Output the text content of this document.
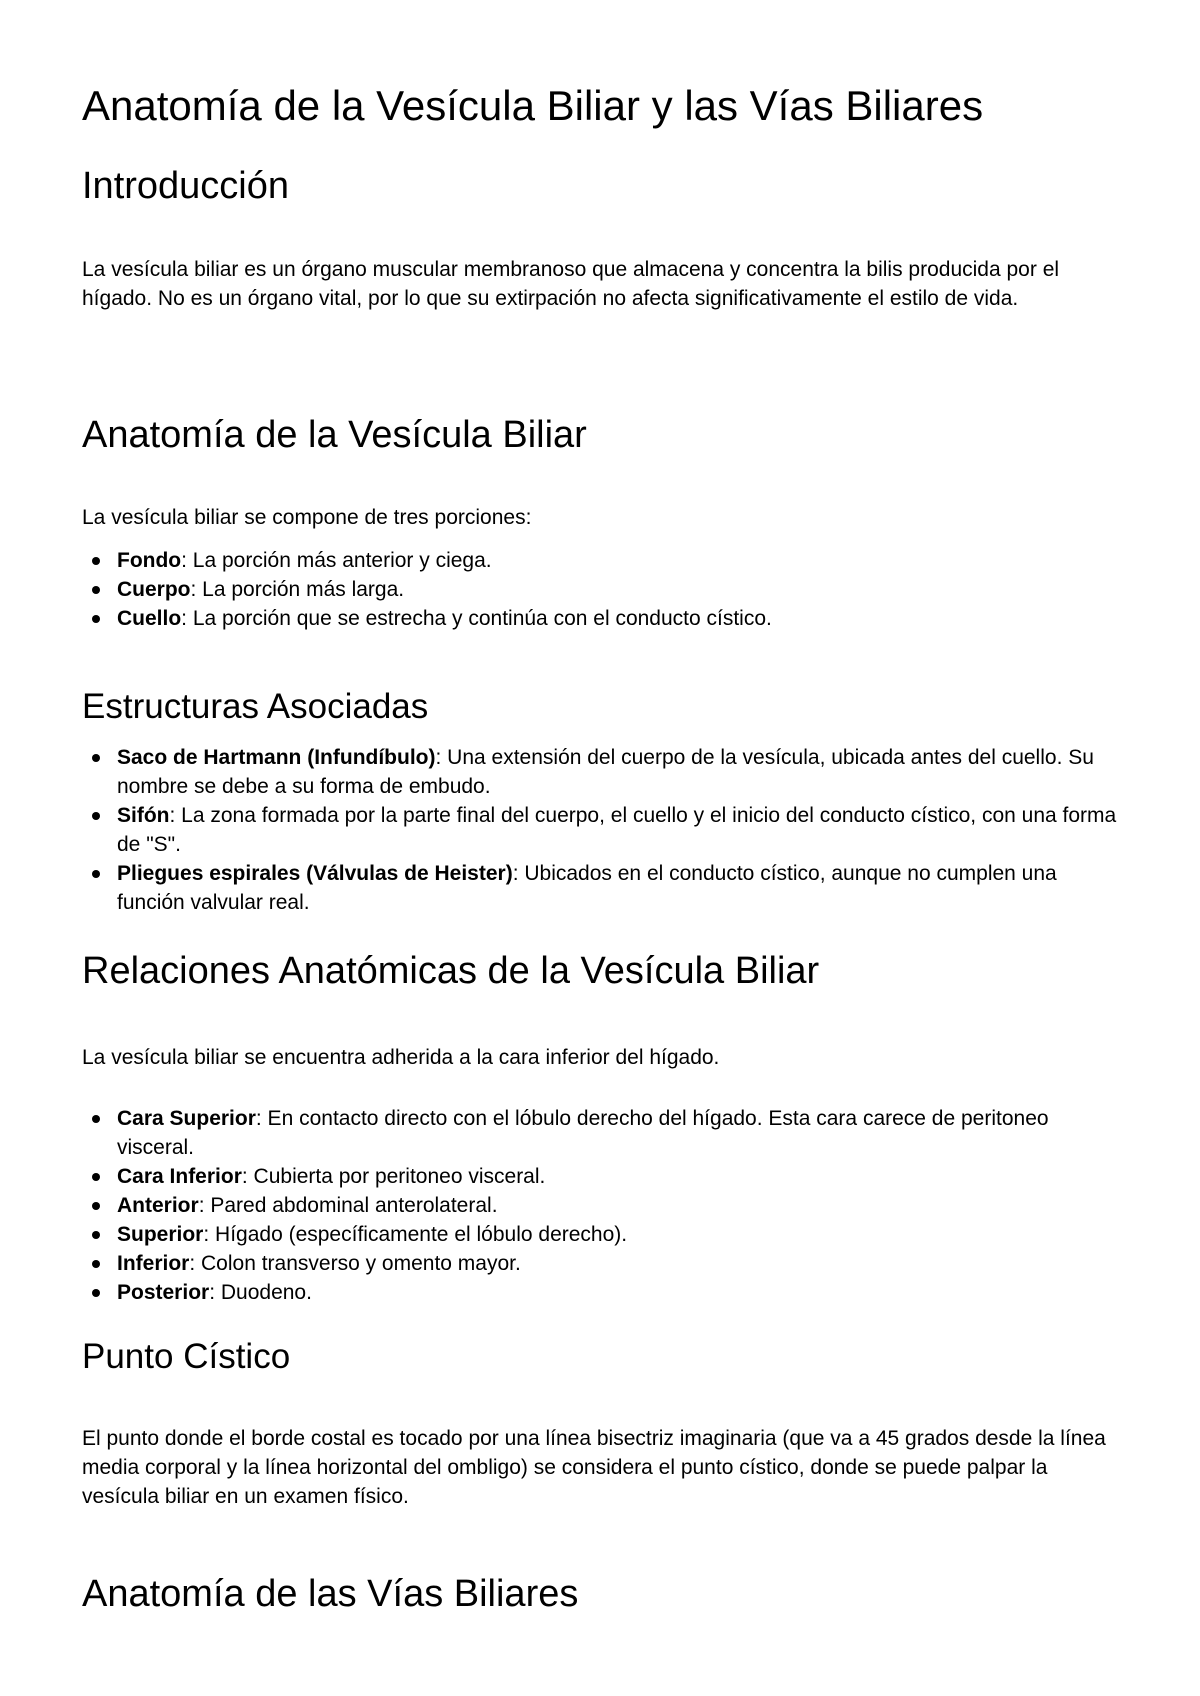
Anatomía de la Vesícula Biliar y las Vías Biliares
Introducción

La vesícula biliar es un órgano muscular membranoso que almacena y concentra la bilis producida por el hígado. No es un órgano vital, por lo que su extirpación no afecta significativamente el estilo de vida.

Anatomía de la Vesícula Biliar

La vesícula biliar se compone de tres porciones:

Fondo: La porción más anterior y ciega.
Cuerpo: La porción más larga.
Cuello: La porción que se estrecha y continúa con el conducto cístico.
Estructuras Asociadas
Saco de Hartmann (Infundíbulo): Una extensión del cuerpo de la vesícula, ubicada antes del cuello. Su nombre se debe a su forma de embudo.
Sifón: La zona formada por la parte final del cuerpo, el cuello y el inicio del conducto cístico, con una forma de "S".
Pliegues espirales (Válvulas de Heister): Ubicados en el conducto cístico, aunque no cumplen una función valvular real.
Relaciones Anatómicas de la Vesícula Biliar

La vesícula biliar se encuentra adherida a la cara inferior del hígado.

Cara Superior: En contacto directo con el lóbulo derecho del hígado. Esta cara carece de peritoneo visceral.
Cara Inferior: Cubierta por peritoneo visceral.
Anterior: Pared abdominal anterolateral.
Superior: Hígado (específicamente el lóbulo derecho).
Inferior: Colon transverso y omento mayor.
Posterior: Duodeno.
Punto Cístico

El punto donde el borde costal es tocado por una línea bisectriz imaginaria (que va a 45 grados desde la línea media corporal y la línea horizontal del ombligo) se considera el punto cístico, donde se puede palpar la vesícula biliar en un examen físico.

Anatomía de las Vías Biliares
